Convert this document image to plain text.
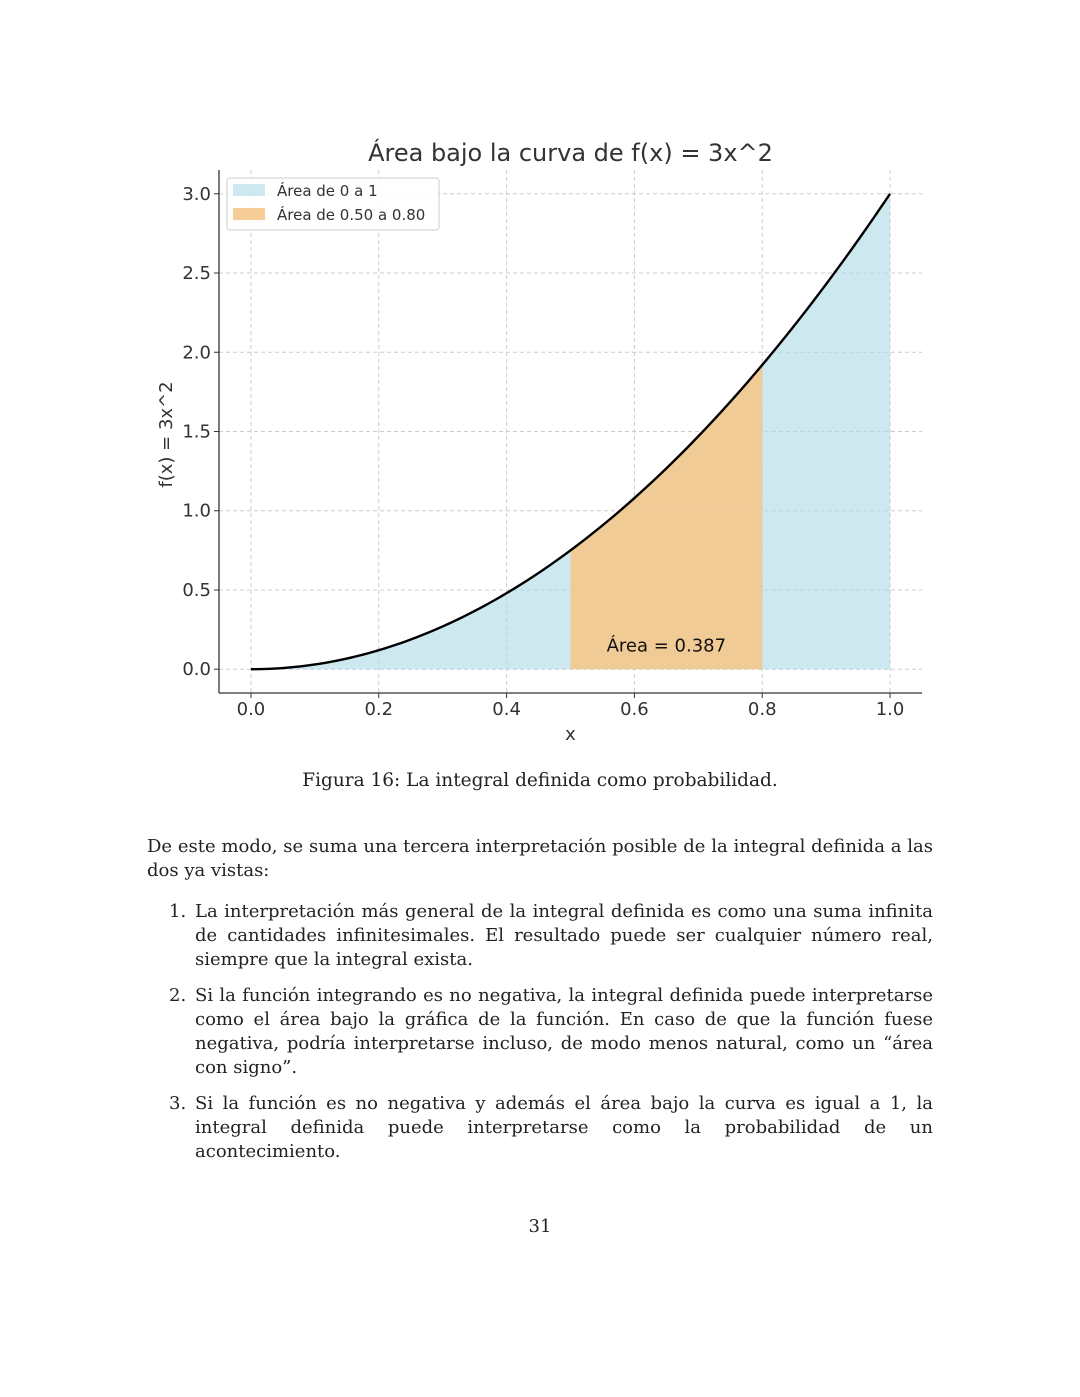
0.0	0.2	0.4	0.6	0.8	1.0
0.0
0.5
1.0
1.5
2.0
2.5
3.0
Área bajo la curva de f(x) = 3x^2
x
f(x) = 3x^2
Área = 0.387
Área de 0 a 1
Área de 0.50 a 0.80
Figura 16: La integral definida como probabilidad.
De este modo, se suma una tercera interpretación posible de la integral definida a las dos ya vistas:
1. La interpretación más general de la integral definida es como una suma infinita de cantidades infinitesimales. El resultado puede ser cualquier número real, siempre que la integral exista.
2. Si la función integrando es no negativa, la integral definida puede interpretarse como el área bajo la gráfica de la función. En caso de que la función fuese negativa, podría interpretarse incluso, de modo menos natural, como un “área con signo”.
3. Si la función es no negativa y además el área bajo la curva es igual a 1, la integral definida puede interpretarse como la probabilidad de un acontecimiento.
31
